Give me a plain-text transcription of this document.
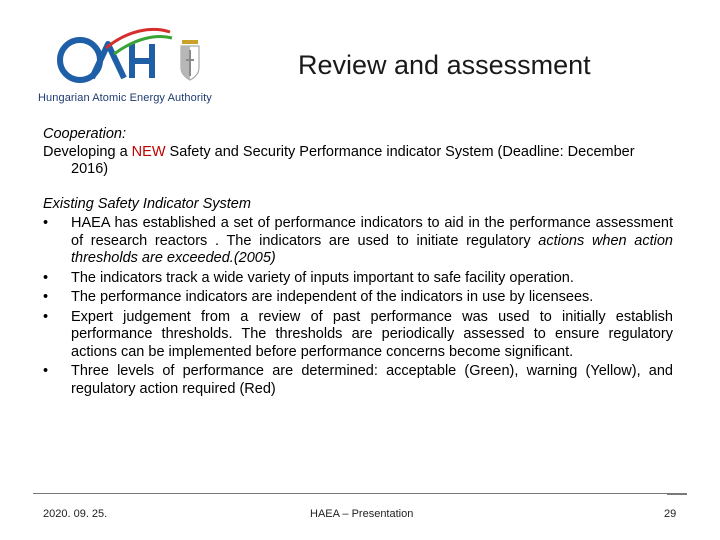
Hungarian Atomic Energy Authority
Review and assessment

Cooperation:

Developing a NEW Safety and Security Performance indicator System (Deadline: December 2016)

Existing Safety Indicator System

•	HAEA has established a set of performance indicators to aid in the performance assessment of research reactors . The indicators are used to initiate regulatory actions when action thresholds are exceeded.(2005)
•	The indicators track a wide variety of inputs important to safe facility operation.
•	The performance indicators are independent of the indicators in use by licensees.
•	Expert judgement from a review of past performance was used to initially establish performance thresholds. The thresholds are periodically assessed to ensure regulatory actions can be implemented before performance concerns become significant.
•	Three levels of performance are determined: acceptable (Green), warning (Yellow), and regulatory action required (Red)
2020. 09. 25.	HAEA – Presentation	29
